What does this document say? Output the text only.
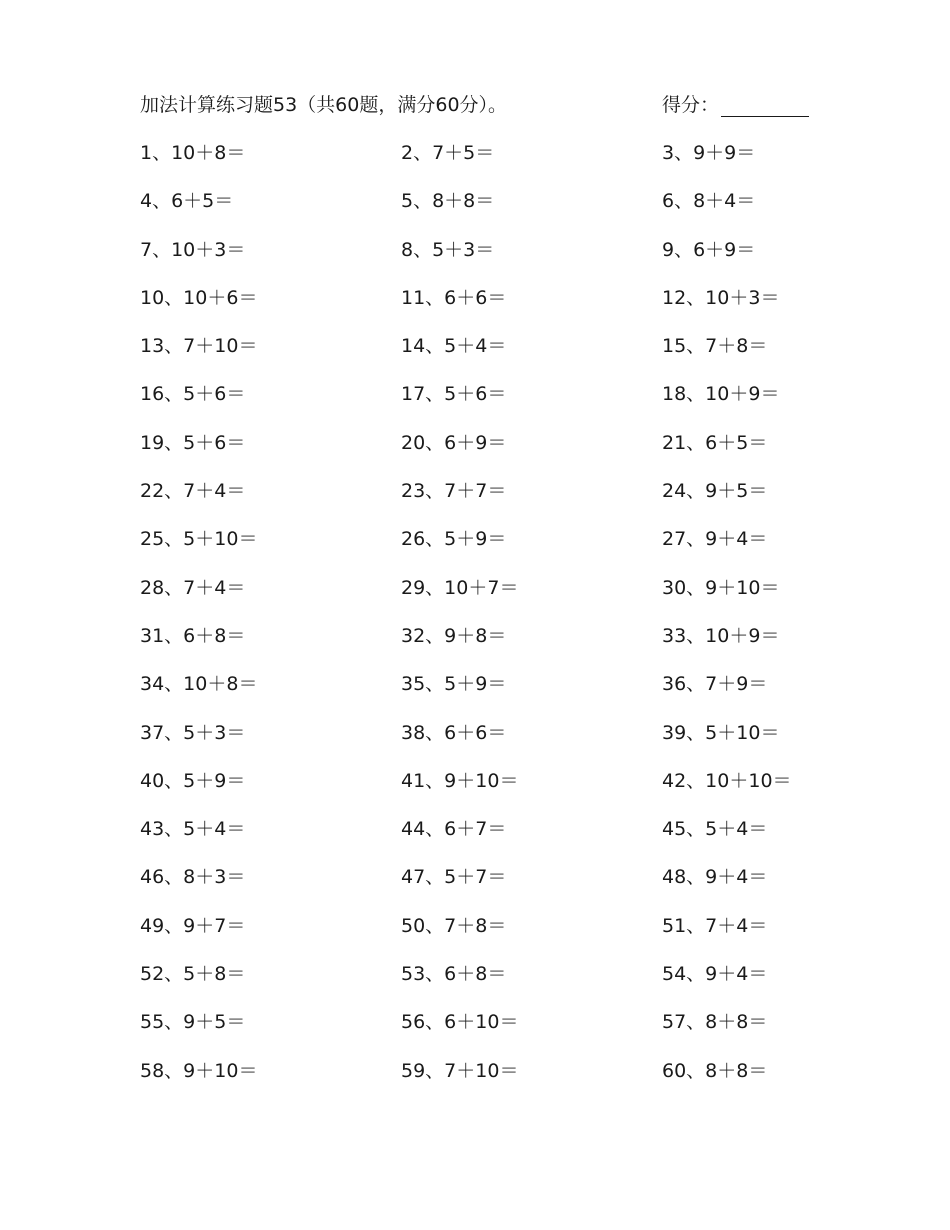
加法计算练习题53（共60题，满分60分）。	得分：
1、10＋8＝	2、7＋5＝	3、9＋9＝
4、6＋5＝	5、8＋8＝	6、8＋4＝
7、10＋3＝	8、5＋3＝	9、6＋9＝
10、10＋6＝	11、6＋6＝	12、10＋3＝
13、7＋10＝	14、5＋4＝	15、7＋8＝
16、5＋6＝	17、5＋6＝	18、10＋9＝
19、5＋6＝	20、6＋9＝	21、6＋5＝
22、7＋4＝	23、7＋7＝	24、9＋5＝
25、5＋10＝	26、5＋9＝	27、9＋4＝
28、7＋4＝	29、10＋7＝	30、9＋10＝
31、6＋8＝	32、9＋8＝	33、10＋9＝
34、10＋8＝	35、5＋9＝	36、7＋9＝
37、5＋3＝	38、6＋6＝	39、5＋10＝
40、5＋9＝	41、9＋10＝	42、10＋10＝
43、5＋4＝	44、6＋7＝	45、5＋4＝
46、8＋3＝	47、5＋7＝	48、9＋4＝
49、9＋7＝	50、7＋8＝	51、7＋4＝
52、5＋8＝	53、6＋8＝	54、9＋4＝
55、9＋5＝	56、6＋10＝	57、8＋8＝
58、9＋10＝	59、7＋10＝	60、8＋8＝
